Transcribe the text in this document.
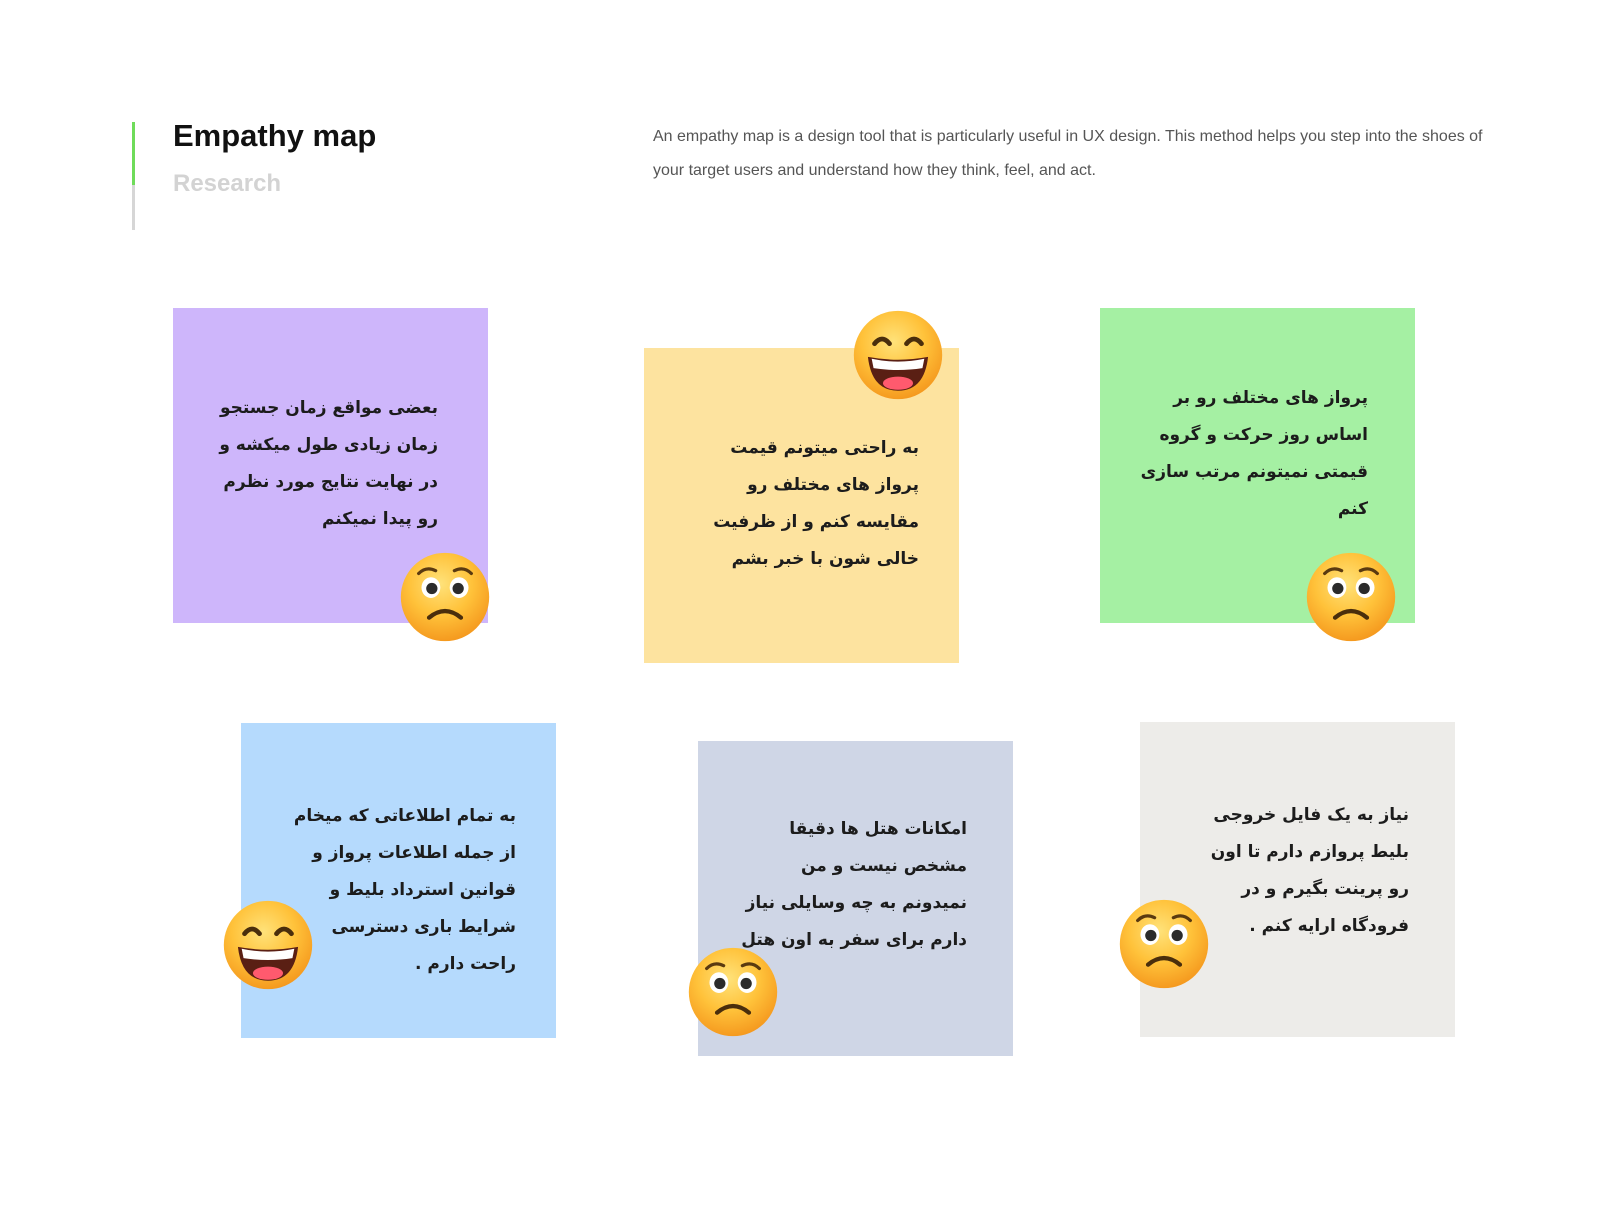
Empathy map
Research
An empathy map is a design tool that is particularly useful in UX design. This method helps you step into the shoes of your target users and understand how they think, feel, and act.
بعضی مواقع زمان جستجو زمان زیادی طول میکشه و در نهایت نتایج مورد نظرم رو پیدا نمیکنم
به راحتی میتونم قیمت پرواز های مختلف رو مقایسه کنم و از ظرفیت خالی شون با خبر بشم
پرواز های مختلف رو بر اساس روز حرکت و گروه قیمتی نمیتونم مرتب سازی کنم
به تمام اطلاعاتی که میخام از جمله اطلاعات پرواز و قوانین استرداد بلیط و شرایط باری دسترسی راحت دارم .
امکانات هتل ها دقیقا مشخص نیست و من نمیدونم به چه وسایلی نیاز دارم برای سفر به اون هتل
نیاز به یک فایل خروجی بلیط پروازم دارم تا اون رو پرینت بگیرم و در فرودگاه ارایه کنم .
